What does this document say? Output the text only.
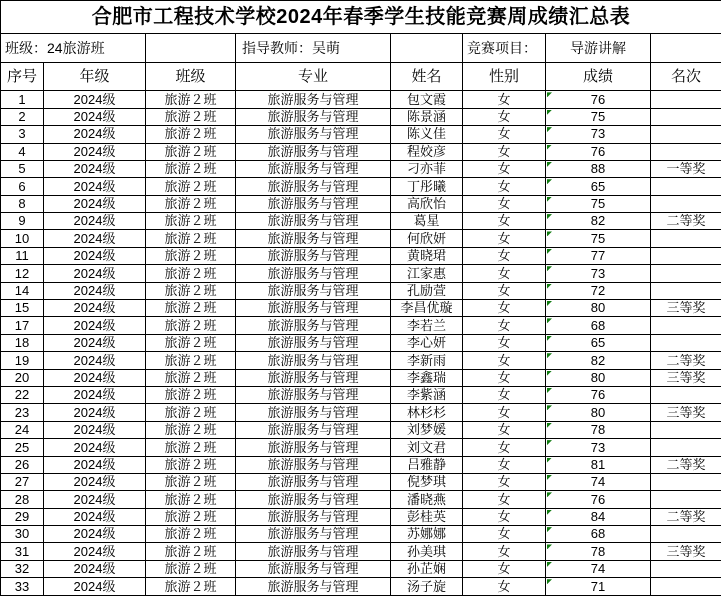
合肥市工程技术学校2024年春季学生技能竞赛周成绩汇总表							
班级：24旅游班			指导教师：吴萌		竞赛项目：	导游讲解	
序号	年级	班级	专业	姓名	性别	成绩	名次
1	2024级	旅游２班	旅游服务与管理	包文霞	女	76	
2	2024级	旅游２班	旅游服务与管理	陈景涵	女	75	
3	2024级	旅游２班	旅游服务与管理	陈义佳	女	73	
4	2024级	旅游２班	旅游服务与管理	程姣彦	女	76	
5	2024级	旅游２班	旅游服务与管理	刁亦菲	女	88	一等奖
6	2024级	旅游２班	旅游服务与管理	丁彤曦	女	65	
8	2024级	旅游２班	旅游服务与管理	高欣怡	女	75	
9	2024级	旅游２班	旅游服务与管理	葛星	女	82	二等奖
10	2024级	旅游２班	旅游服务与管理	何欣妍	女	75	
11	2024级	旅游２班	旅游服务与管理	黄晓珺	女	77	
12	2024级	旅游２班	旅游服务与管理	江家惠	女	73	
14	2024级	旅游２班	旅游服务与管理	孔励萱	女	72	
15	2024级	旅游２班	旅游服务与管理	李昌优璇	女	80	三等奖
17	2024级	旅游２班	旅游服务与管理	李若兰	女	68	
18	2024级	旅游２班	旅游服务与管理	李心妍	女	65	
19	2024级	旅游２班	旅游服务与管理	李新雨	女	82	二等奖
20	2024级	旅游２班	旅游服务与管理	李鑫瑞	女	80	三等奖
22	2024级	旅游２班	旅游服务与管理	李紫涵	女	76	
23	2024级	旅游２班	旅游服务与管理	林杉杉	女	80	三等奖
24	2024级	旅游２班	旅游服务与管理	刘梦媛	女	78	
25	2024级	旅游２班	旅游服务与管理	刘文君	女	73	
26	2024级	旅游２班	旅游服务与管理	吕雅静	女	81	二等奖
27	2024级	旅游２班	旅游服务与管理	倪梦琪	女	74	
28	2024级	旅游２班	旅游服务与管理	潘晓燕	女	76	
29	2024级	旅游２班	旅游服务与管理	彭桂英	女	84	二等奖
30	2024级	旅游２班	旅游服务与管理	苏娜娜	女	68	
31	2024级	旅游２班	旅游服务与管理	孙美琪	女	78	三等奖
32	2024级	旅游２班	旅游服务与管理	孙芷娴	女	74	
33	2024级	旅游２班	旅游服务与管理	汤子旋	女	71	
